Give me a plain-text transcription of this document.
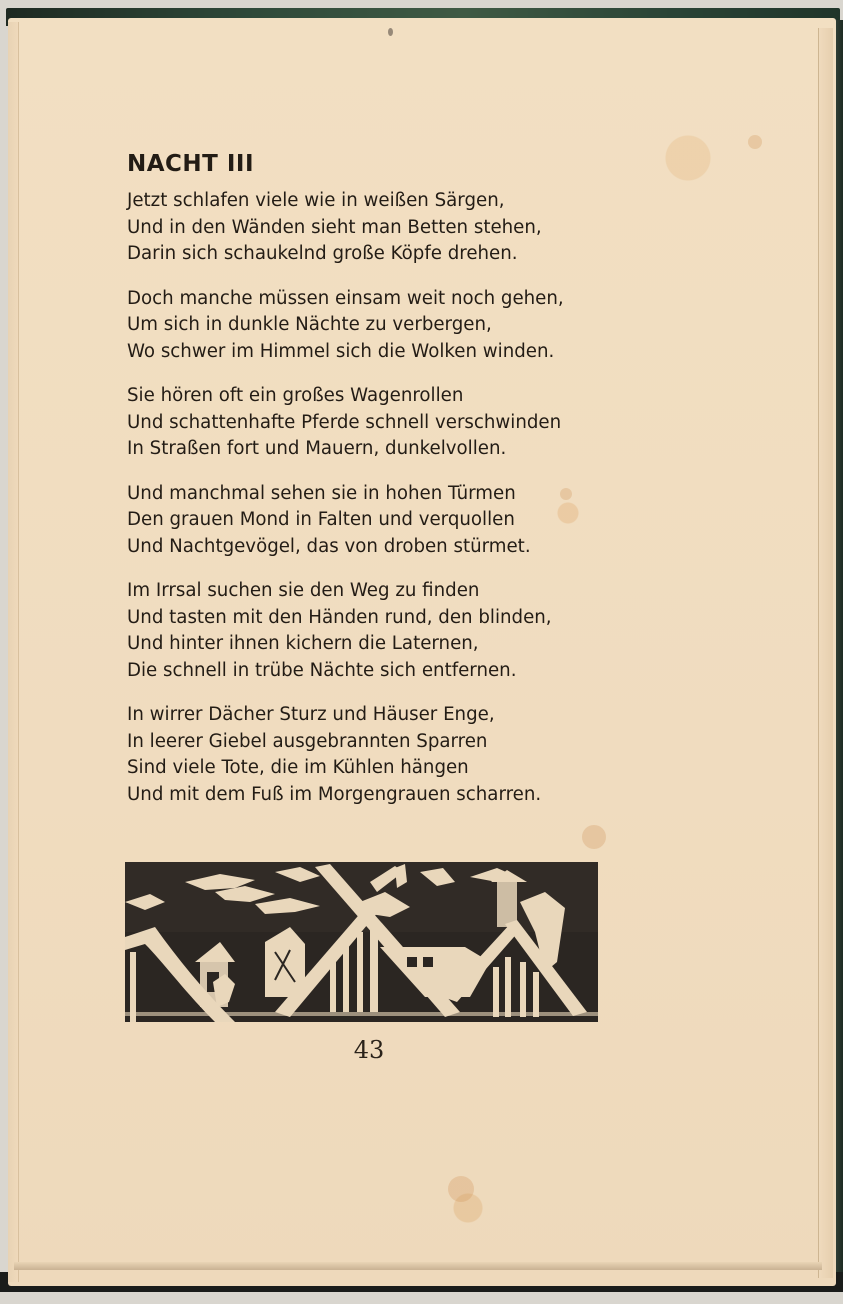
NACHT III
Jetzt schlafen viele wie in weißen Särgen,
Und in den Wänden sieht man Betten stehen,
Darin sich schaukelnd große Köpfe drehen.
Doch manche müssen einsam weit noch gehen,
Um sich in dunkle Nächte zu verbergen,
Wo schwer im Himmel sich die Wolken winden.
Sie hören oft ein großes Wagenrollen
Und schattenhafte Pferde schnell verschwinden
In Straßen fort und Mauern, dunkelvollen.
Und manchmal sehen sie in hohen Türmen
Den grauen Mond in Falten und verquollen
Und Nachtgevögel, das von droben stürmet.
Im Irrsal suchen sie den Weg zu finden
Und tasten mit den Händen rund, den blinden,
Und hinter ihnen kichern die Laternen,
Die schnell in trübe Nächte sich entfernen.
In wirrer Dächer Sturz und Häuser Enge,
In leerer Giebel ausgebrannten Sparren
Sind viele Tote, die im Kühlen hängen
Und mit dem Fuß im Morgengrauen scharren.
43
